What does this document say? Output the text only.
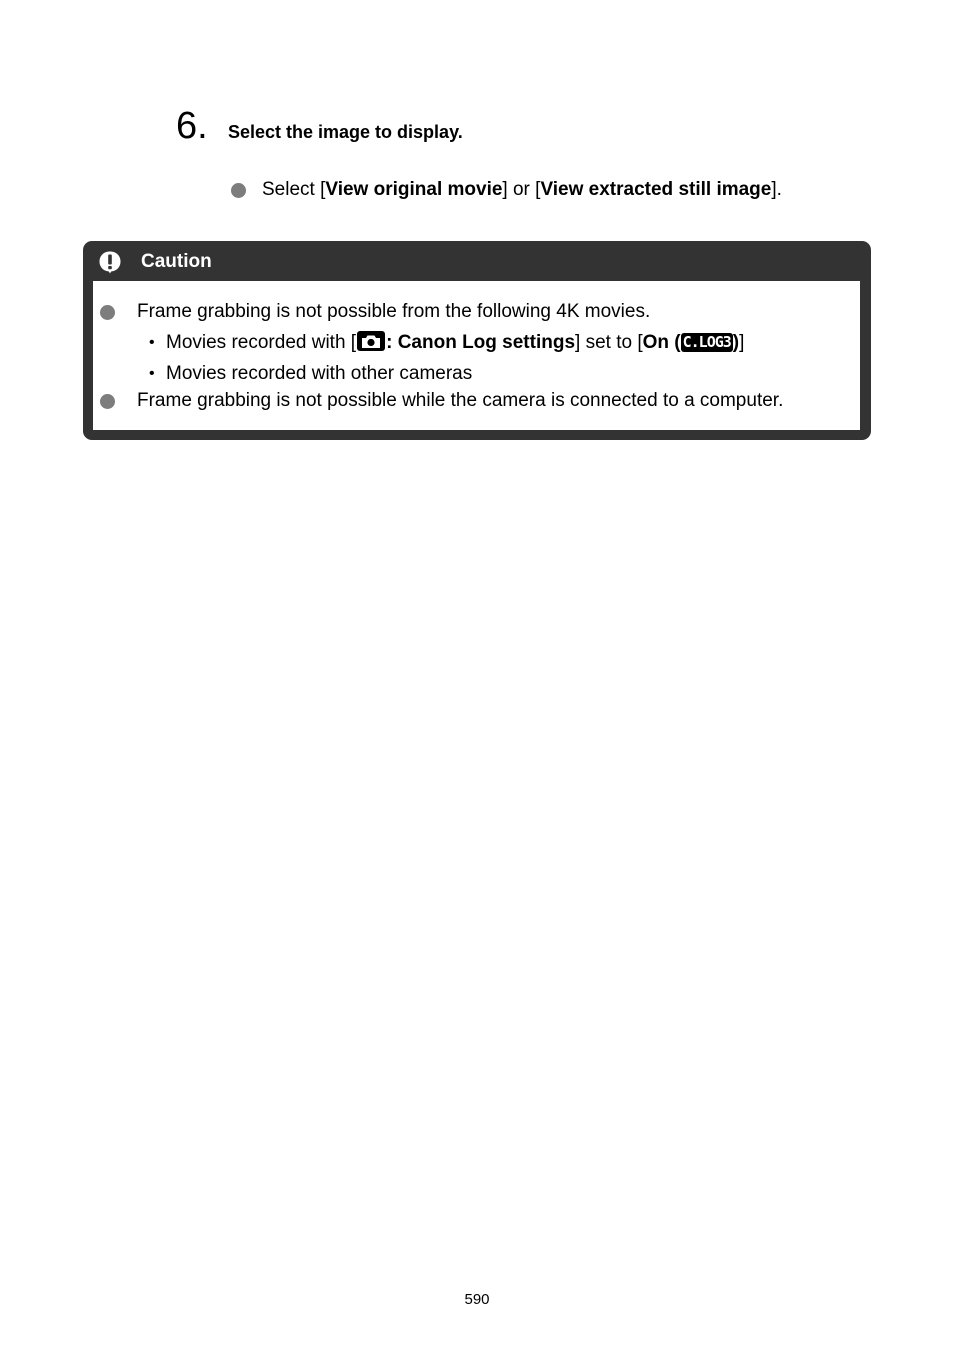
6.	Select the image to display.
Select [View original movie] or [View extracted still image].
Caution
Frame grabbing is not possible from the following 4K movies.
• Movies recorded with [ : Canon Log settings] set to [On ( C.LOG3 )]
• Movies recorded with other cameras
Frame grabbing is not possible while the camera is connected to a computer.
590
